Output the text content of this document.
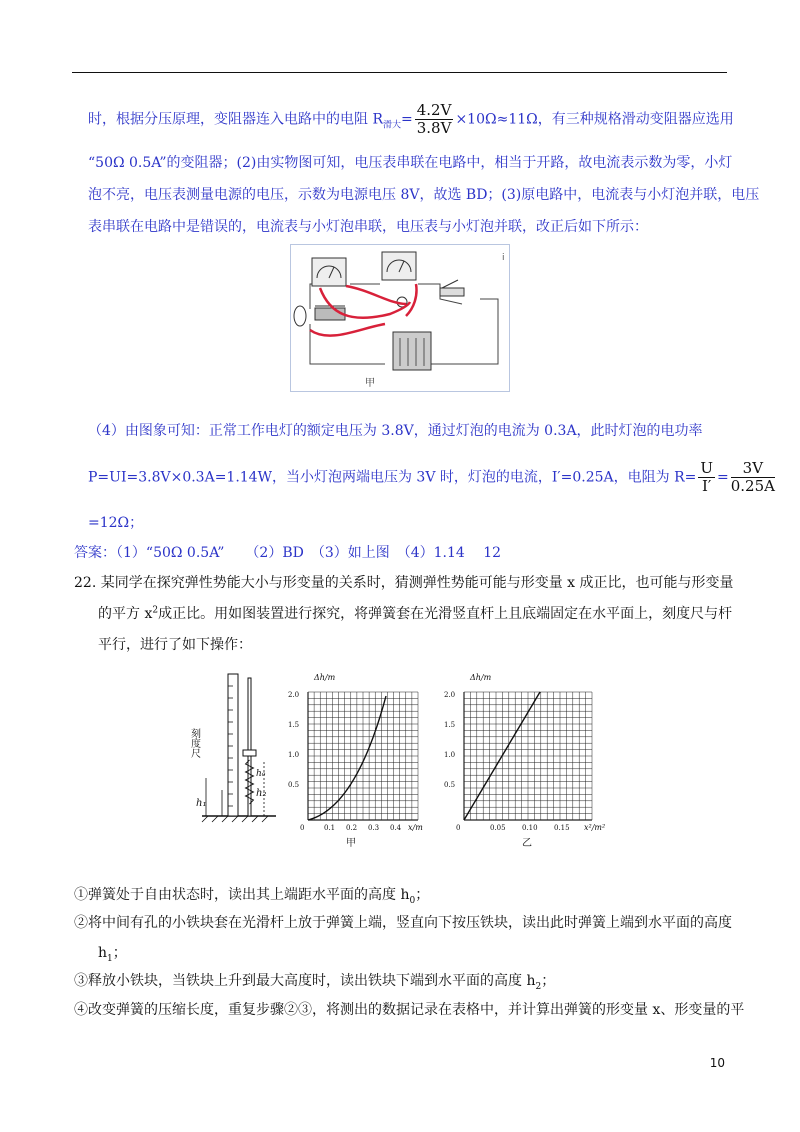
时，根据分压原理，变阻器连入电路中的电阻 $R_{滑大}= \frac{4.2V}{3.8V} \times 10\Omega\approx 11\Omega$，有三种规格滑动变阻器应选用
“50Ω 0.5A”的变阻器；(2)由实物图可知，电压表串联在电路中，相当于开路，故电流表示数为零，小灯
泡不亮，电压表测量电源的电压，示数为电源电压 8V，故选 BD；(3)原电路中，电流表与小灯泡并联，电压
表串联在电路中是错误的，电流表与小灯泡串联，电压表与小灯泡并联，改正后如下所示：
甲
i
（4）由图象可知：正常工作电灯的额定电压为 3.8V，通过灯泡的电流为 0.3A，此时灯泡的电功率
P=UI=3.8V×0.3A=1.14W，当小灯泡两端电压为 3V 时，灯泡的电流，I′=0.25A，电阻为 $R= \frac{U}{I'} = \frac{3V}{0.25A}$
=12Ω；
答案：（1）“50Ω 0.5A”　　（2）BD　（3）如上图　（4）1.14　 12
22. 某同学在探究弹性势能大小与形变量的关系时，猜测弹性势能可能与形变量 x 成正比，也可能与形变量
的平方 $x^2$成正比。用如图装置进行探究，将弹簧套在光滑竖直杆上且底端固定在水平面上，刻度尺与杆
平行，进行了如下操作：
刻度尺
h₁
h₂
h₀
Δh/m
x/m
2.0
1.5
1.0
0.5
0	0.1 0.2 0.3 0.4
甲
Δh/m
x²/m²
2.0
1.5
1.0
0.5
0	0.05 0.10 0.15
乙
①弹簧处于自由状态时，读出其上端距水平面的高度 $h_0$；
②将中间有孔的小铁块套在光滑杆上放于弹簧上端，竖直向下按压铁块，读出此时弹簧上端到水平面的高度
$h_1$；
③释放小铁块，当铁块上升到最大高度时，读出铁块下端到水平面的高度 $h_2$；
④改变弹簧的压缩长度，重复步骤②③，将测出的数据记录在表格中，并计算出弹簧的形变量 x、形变量的平
10
